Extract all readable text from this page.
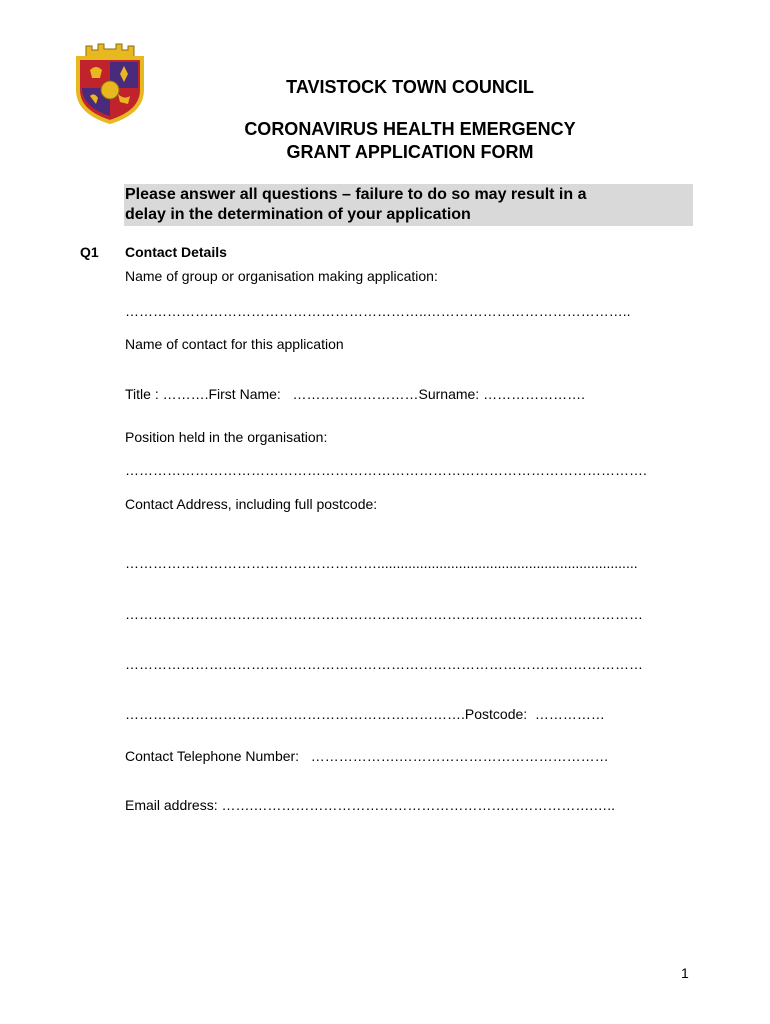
TAVISTOCK TOWN COUNCIL
CORONAVIRUS HEALTH EMERGENCY
GRANT APPLICATION FORM
Please answer all questions – failure to do so may result in a
delay in the determination of your application
Q1 Contact Details
Name of group or organisation making application:
………………………………………………………..……………………………………..
Name of contact for this application
Title : ……….First Name:   ………………………Surname: ………………….
Position held in the organisation:
………………………………………………………………………………………………….
Contact Address, including full postcode:
………………………………………………...................................................................
…………………………………………………………………………………………………
…………………………………………………………………………………………………
……………………………………………………………….Postcode:  ……………
Contact Telephone Number:   ……………….………………………………………
Email address: …….……………………………………………………………….…..
1
